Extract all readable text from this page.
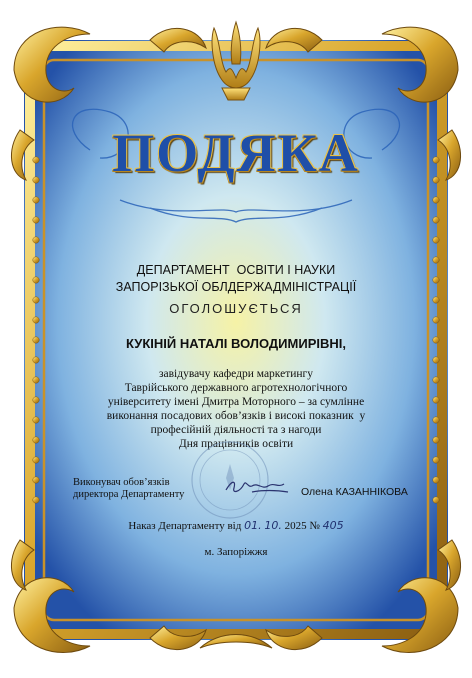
ПОДЯКА
ДЕПАРТАМЕНТ  ОСВІТИ І НАУКИ
ЗАПОРІЗЬКОЇ ОБЛДЕРЖАДМІНІСТРАЦІЇ
ОГОЛОШУЄТЬСЯ
КУКІНІЙ НАТАЛІ ВОЛОДИМИРІВНІ,
завідувачу кафедри маркетингу
Таврійського державного агротехнологічного
університету імені Дмитра Моторного – за сумлінне
виконання посадових обов’язків і високі показник  у
професійній діяльності та з нагоди
Дня працівників освіти
Виконувач обов’язків
директора Департаменту	Олена КАЗАННІКОВА
Наказ Департаменту від 01. 10. 2025 № 405
м. Запоріжжя
